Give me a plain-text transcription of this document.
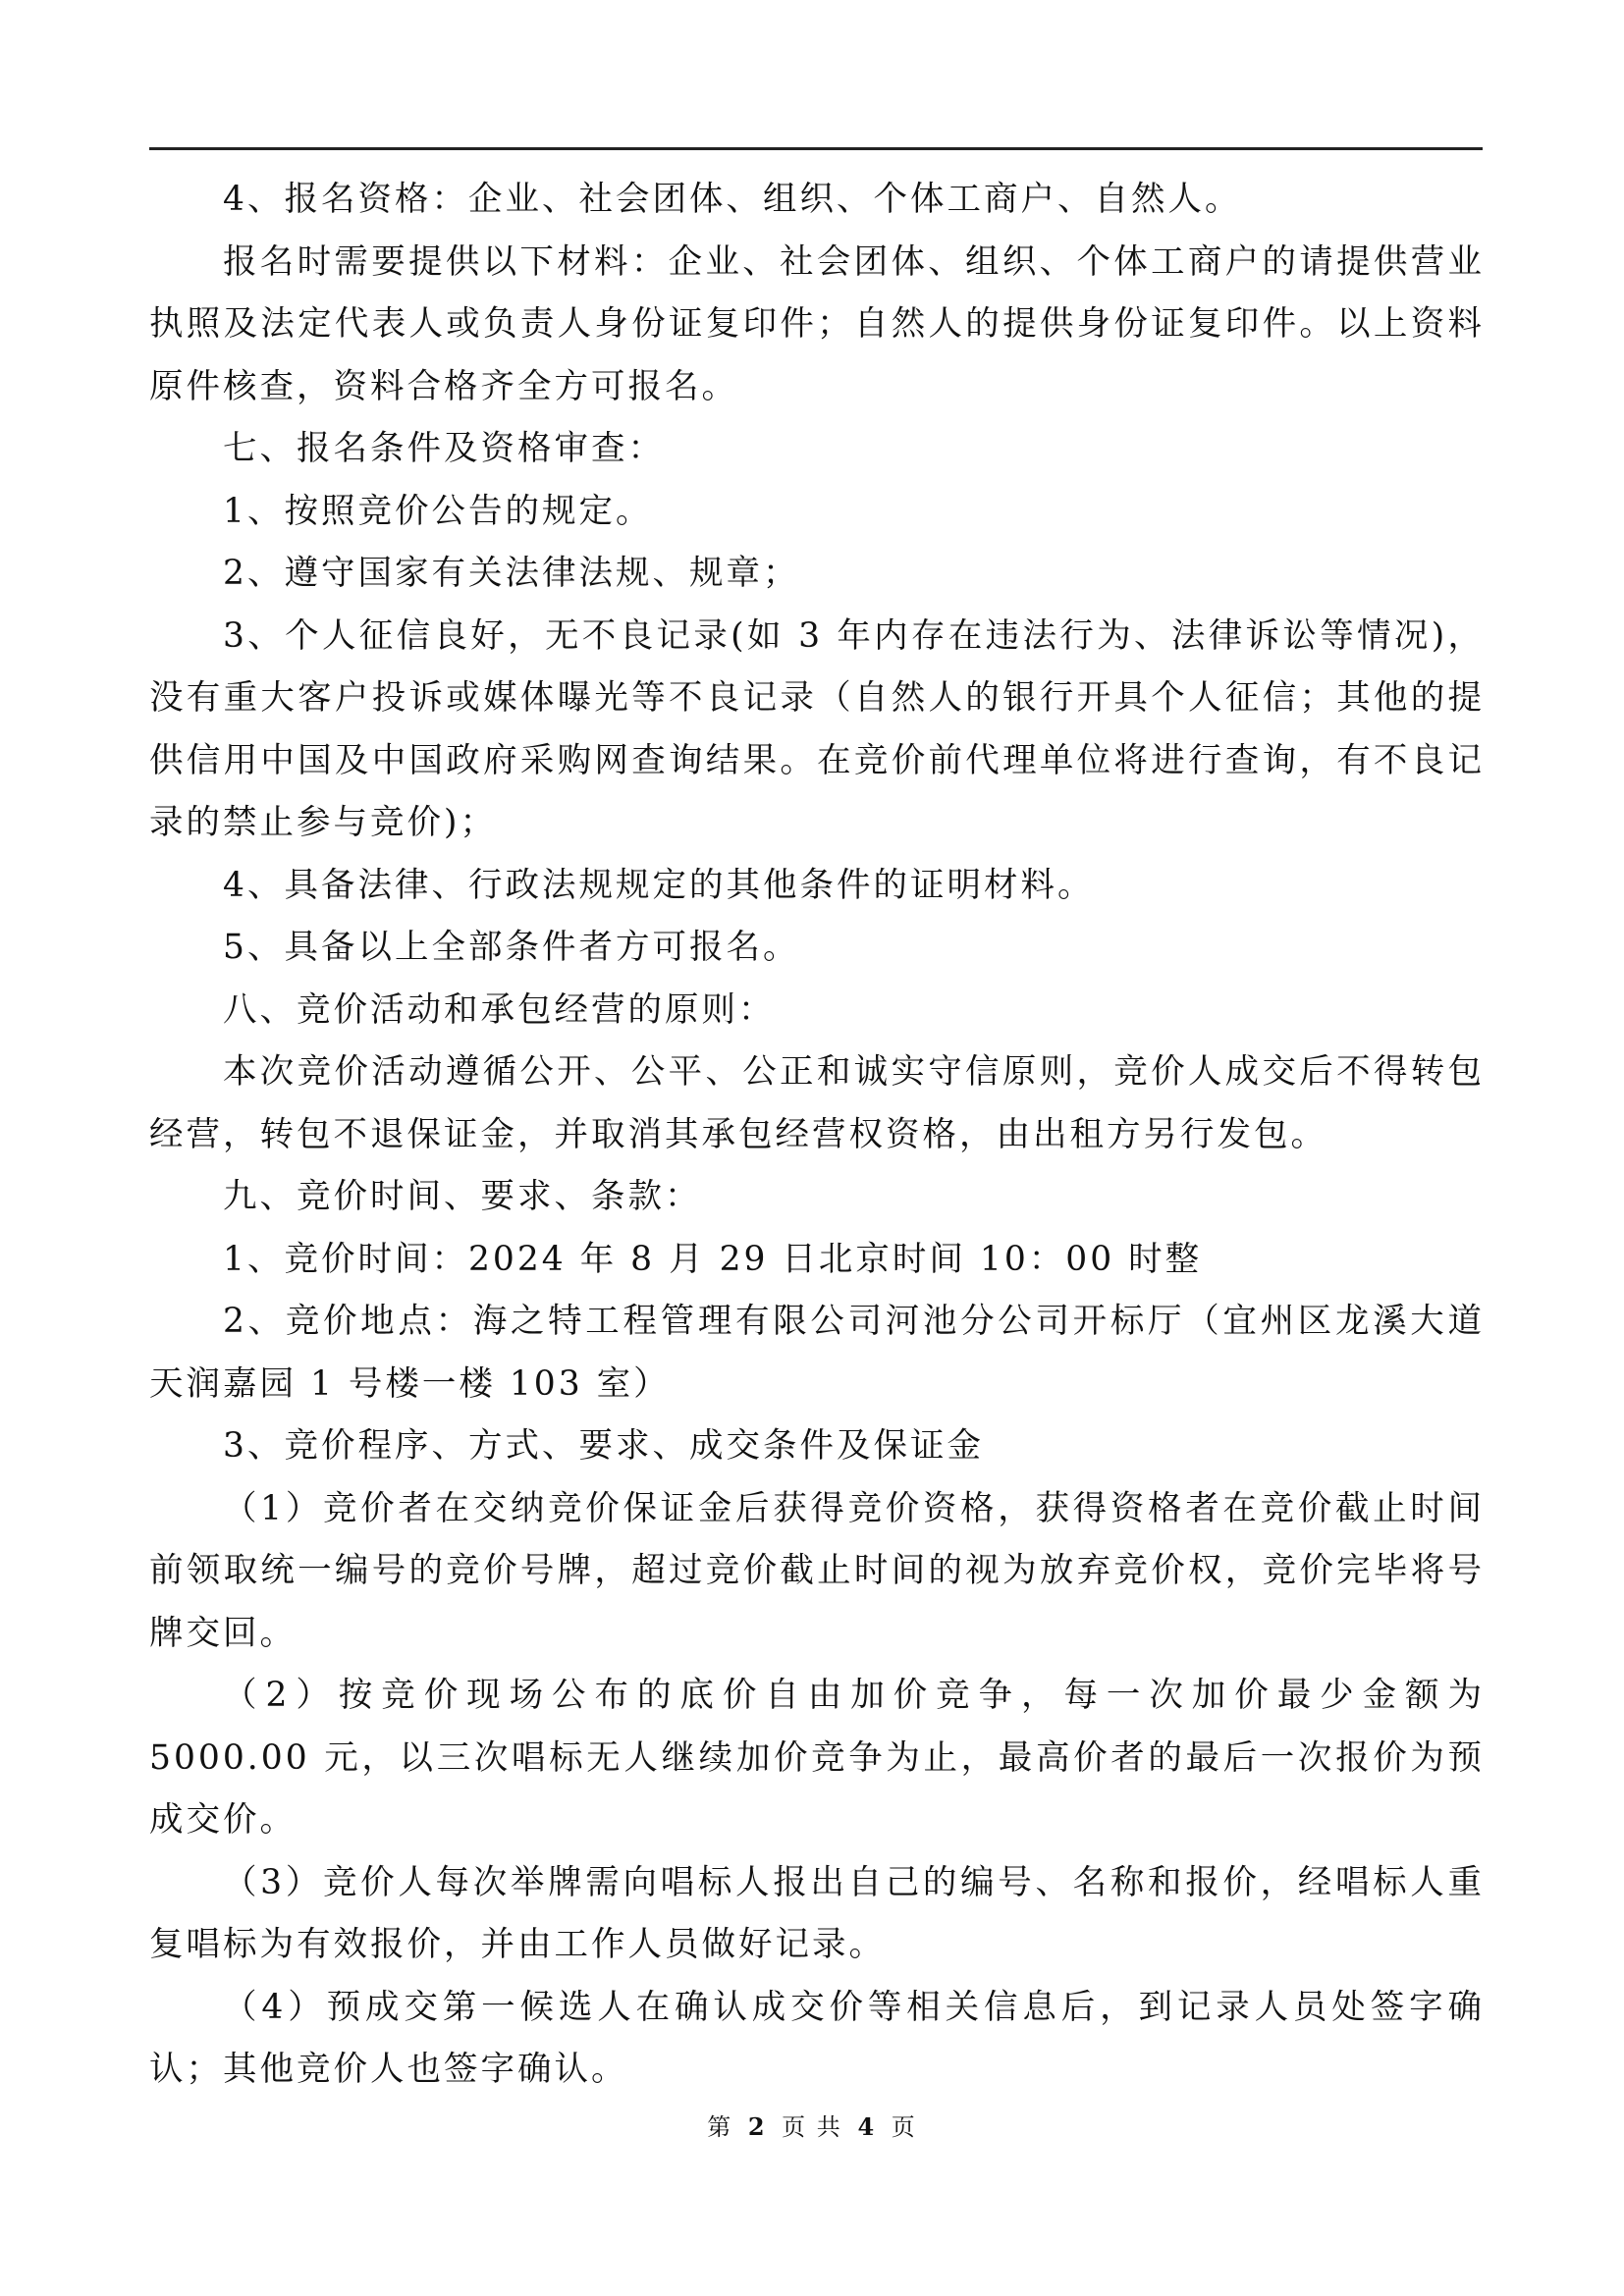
4、报名资格：企业、社会团体、组织、个体工商户、自然人。

报名时需要提供以下材料：企业、社会团体、组织、个体工商户的请提供营业执照及法定代表人或负责人身份证复印件；自然人的提供身份证复印件。以上资料原件核查，资料合格齐全方可报名。

七、报名条件及资格审查：

1、按照竞价公告的规定。

2、遵守国家有关法律法规、规章；

3、个人征信良好，无不良记录(如 3 年内存在违法行为、法律诉讼等情况)，没有重大客户投诉或媒体曝光等不良记录（自然人的银行开具个人征信；其他的提供信用中国及中国政府采购网查询结果。在竞价前代理单位将进行查询，有不良记录的禁止参与竞价)；

4、具备法律、行政法规规定的其他条件的证明材料。

5、具备以上全部条件者方可报名。

八、竞价活动和承包经营的原则：

本次竞价活动遵循公开、公平、公正和诚实守信原则，竞价人成交后不得转包经营，转包不退保证金，并取消其承包经营权资格，由出租方另行发包。

九、竞价时间、要求、条款：

1、竞价时间：2024 年 8 月 29 日北京时间 10：00 时整

2、竞价地点：海之特工程管理有限公司河池分公司开标厅（宜州区龙溪大道天润嘉园 1 号楼一楼 103 室）

3、竞价程序、方式、要求、成交条件及保证金

（1）竞价者在交纳竞价保证金后获得竞价资格，获得资格者在竞价截止时间前领取统一编号的竞价号牌，超过竞价截止时间的视为放弃竞价权，竞价完毕将号牌交回。

（2）按竞价现场公布的底价自由加价竞争，每一次加价最少金额为 5000.00 元，以三次唱标无人继续加价竞争为止，最高价者的最后一次报价为预成交价。

（3）竞价人每次举牌需向唱标人报出自己的编号、名称和报价，经唱标人重复唱标为有效报价，并由工作人员做好记录。

（4）预成交第一候选人在确认成交价等相关信息后，到记录人员处签字确认；其他竞价人也签字确认。

第 2 页 共 4 页
